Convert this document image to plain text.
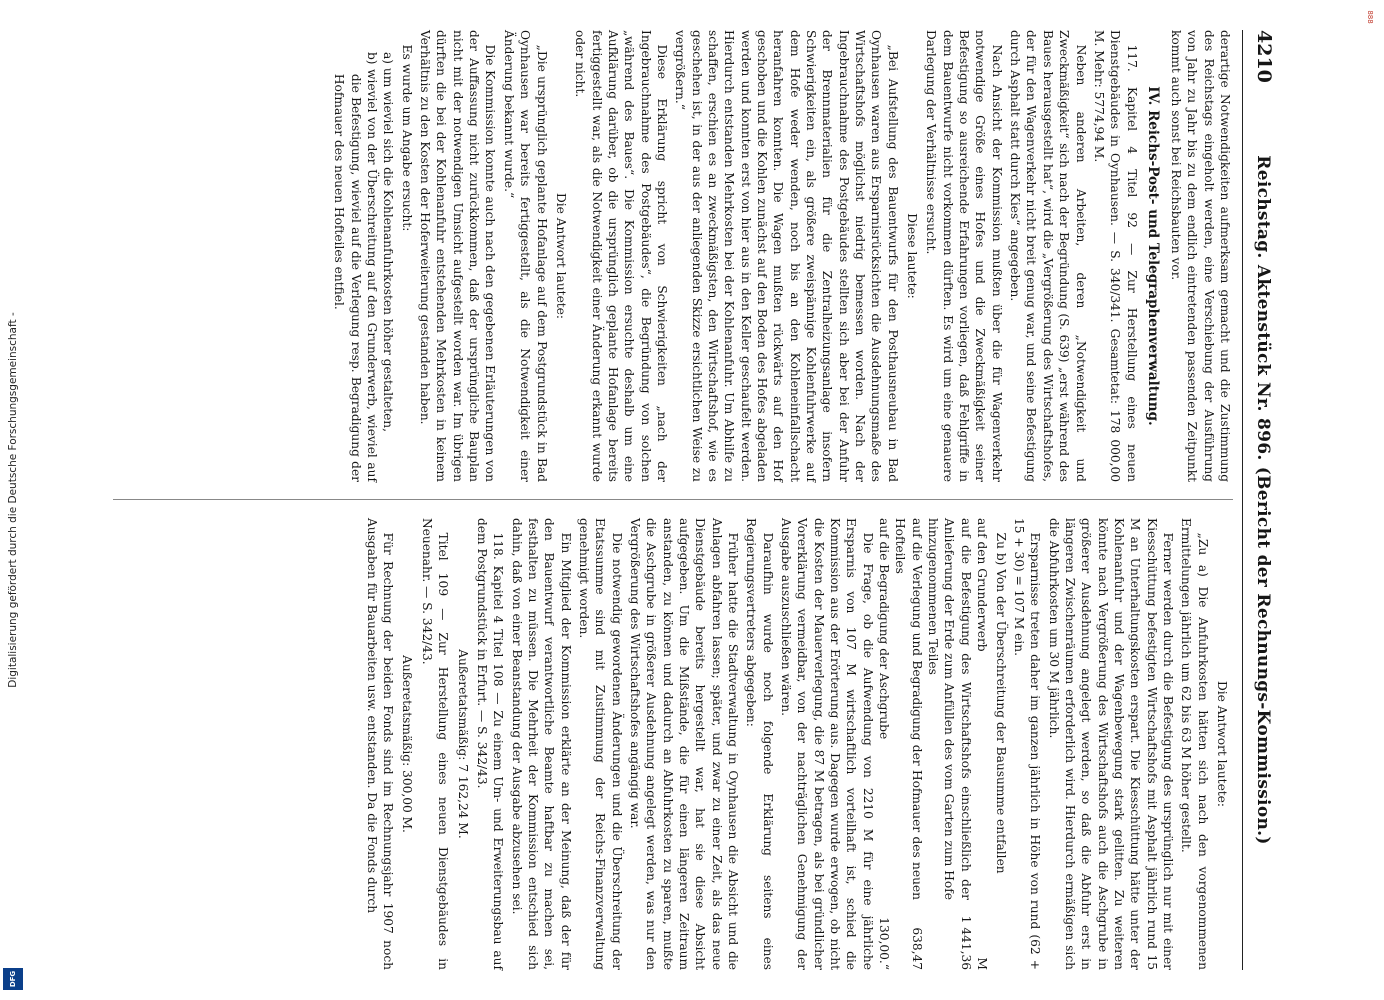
Digitalisierung gefördert durch die Deutsche Forschungsgemeinschaft -
DFG
888
4210
Reichstag. Aktenstück Nr. 896. (Bericht der Rechnungs-Kommission.)

derartige Notwendigkeiten aufmerksam gemacht und die Zustimmung des Reichstags eingeholt werden, eine Verschiebung der Ausführung von Jahr zu Jahr bis zu dem endlich eintretenden passenden Zeitpunkt kommt auch sonst bei Reichsbauten vor.

IV. Reichs-Post- und Telegraphenverwaltung.

117. Kapitel 4 Titel 92 — Zur Herstellung eines neuen Dienstgebäudes in Oynhausen. — S. 340/341. Gesamtetat: 178 000,00 M. Mehr: 5774,94 M.

Neben anderen Arbeiten, deren „Notwendigkeit und Zweckmäßigkeit“ sich nach der Begründung (S. 639) „erst während des Baues herausgestellt hat“, wird die „Vergrößerung des Wirtschaftshofes, der für den Wagenverkehr nicht breit genug war, und seine Befestigung durch Asphalt statt durch Kies“ angegeben.

Nach Ansicht der Kommission mußten über die für Wagenverkehr notwendige Größe eines Hofes und die Zweckmäßigkeit seiner Befestigung so ausreichende Erfahrungen vorliegen, daß Fehlgriffe in dem Bauentwurfe nicht vorkommen dürften. Es wird um eine genauere Darlegung der Verhältnisse ersucht.

Diese lautete:

„Bei Aufstellung des Bauentwurfs für den Posthausneubau in Bad Oynhausen waren aus Ersparnisrücksichten die Ausdehnungsmaße des Wirtschaftshofs möglichst niedrig bemessen worden. Nach der Ingebrauchnahme des Postgebäudes stellten sich aber bei der Anfuhr der Brennmaterialien für die Zentralheizungsanlage insofern Schwierigkeiten ein, als größere zweispännige Kohlenfuhrwerke auf dem Hofe weder wenden, noch bis an den Kohleneinfallschacht heranfahren konnten. Die Wagen mußten rückwärts auf den Hof geschoben und die Kohlen zunächst auf den Boden des Hofes abgeladen werden und konnten erst von hier aus in den Keller geschaufelt werden. Hierdurch entstanden Mehrkosten bei der Kohlenanfuhr. Um Abhilfe zu schaffen, erschien es an zweckmäßigsten, den Wirtschaftshof, wie es geschehen ist, in der aus der anliegenden Skizze ersichtlichen Weise zu vergrößern.“

Diese Erklärung spricht von Schwierigkeiten „nach der Ingebrauchnahme des Postgebäudes“, die Begründung von solchen „während des Baues“. Die Kommission ersuchte deshalb um eine Aufklärung darüber, ob die ursprünglich geplante Hofanlage bereits fertiggestellt war, als die Notwendigkeit einer Änderung erkannt wurde oder nicht.

Die Antwort lautete:

„Die ursprünglich geplante Hofanlage auf dem Postgrundstück in Bad Oynhausen war bereits fertiggestellt, als die Notwendigkeit einer Änderung bekannt wurde.“

Die Kommission konnte auch nach den gegebenen Erläuterungen von der Auffassung nicht zurückkommen, daß der ursprüngliche Bauplan nicht mit der notwendigen Umsicht aufgestellt worden war. Im übrigen dürften die bei der Kohlenanfuhr entstehenden Mehrkosten in keinem Verhältnis zu den Kosten der Hoferweiterung gestanden haben.

Es wurde um Angabe ersucht:

a) um wieviel sich die Kohlenanfuhrkosten höher gestalteten,

b) wieviel von der Überschreitung auf den Grunderwerb, wieviel auf die Befestigung, wieviel auf die Verlegung resp. Begradigung der Hofmauer des neuen Hofteiles entfiel.

Die Antwort lautete:

„Zu a) Die Anfuhrkosten hätten sich nach den vorgenommenen Ermittelungen jährlich um 62 bis 63 M höher gestellt.

Ferner werden durch die Befestigung des ursprünglich nur mit einer Kiesschüttung befestigten Wirtschaftshofs mit Asphalt jährlich rund 15 M an Unterhaltungskosten erspart. Die Kiesschüttung hätte unter der Kohlenanfuhr und der Wagenbewegung stark gelitten. Zu weiteren könnte nach Vergrößerung des Wirtschaftshofs auch die Aschgrube in größerer Ausdehnung angelegt werden, so daß die Abfuhr erst in längeren Zwischenräumen erforderlich wird. Hierdurch ermäßigen sich die Abfuhrkosten um 30 M jährlich.

Ersparnisse treten daher im ganzen jährlich in Höhe von rund (62 + 15 + 30) = 107 M ein.

Zu b) Von der Überschreitung der Bausumme entfallen

auf den Grunderwerb
M
auf die Befestigung des Wirtschaftshofs einschließlich der Anlieferung der Erde zum Anfüllen des vom Garten zum Hofe hinzugenommenen Teiles
1 441,36
auf die Verlegung und Begradigung der Hofmauer des neuen Hofteiles
638,47
auf die Begradigung der Aschgrube
130,00.“

Die Frage, ob die Aufwendung von 2210 M für eine jährliche Ersparnis von 107 M wirtschaftlich vorteilhaft ist, schied die Kommission aus der Erörterung aus. Dagegen wurde erwogen, ob nicht die Kosten der Mauerverlegung, die 87 M betragen, als bei gründlicher Vorerklärung vermeidbar, von der nachträglichen Genehmigung der Ausgabe auszuschließen wären.

Daraufhin wurde noch folgende Erklärung seitens eines Regierungsvertreters abgegeben:

Früher hatte die Stadtverwaltung in Oynhausen die Absicht und die Anlagen abfahren lassen; später, und zwar zu einer Zeit, als das neue Dienstgebäude bereits hergestellt war, hat sie diese Absicht aufgegeben. Um die Mißstände, die für einen längeren Zeitraum anstanden, zu können und dadurch an Abfuhrkosten zu sparen, mußte die Aschgrube in größerer Ausdehnung angelegt werden, was nur den Vergrößerung des Wirtschaftshofes angängig war.

Die notwendig gewordenen Änderungen und die Überschreitung der Etatssumme sind mit Zustimmung der Reichs-Finanzverwaltung genehmigt worden.

Ein Mitglied der Kommission erklärte an der Meinung, daß der für den Bauentwurf verantwortliche Beamte haftbar zu machen sei, festhalten zu müssen. Die Mehrheit der Kommission entschied sich dahin, daß von einer Beanstandung der Ausgabe abzusehen sei.

118. Kapitel 4 Titel 108 — Zu einem Um- und Erweiterungsbau auf dem Postgrundstück in Erfurt. — S. 342/43.

Außeretatsmäßig: 7 162,24 M.

Titel 109 — Zur Herstellung eines neuen Dienstgebäudes in Neuenahr. — S. 342/43.

Außeretatsmäßig: 300,00 M.

Für Rechnung der beiden Fonds sind im Rechnungsjahr 1907 noch Ausgaben für Bauarbeiten usw. entstanden. Da die Fonds durch
